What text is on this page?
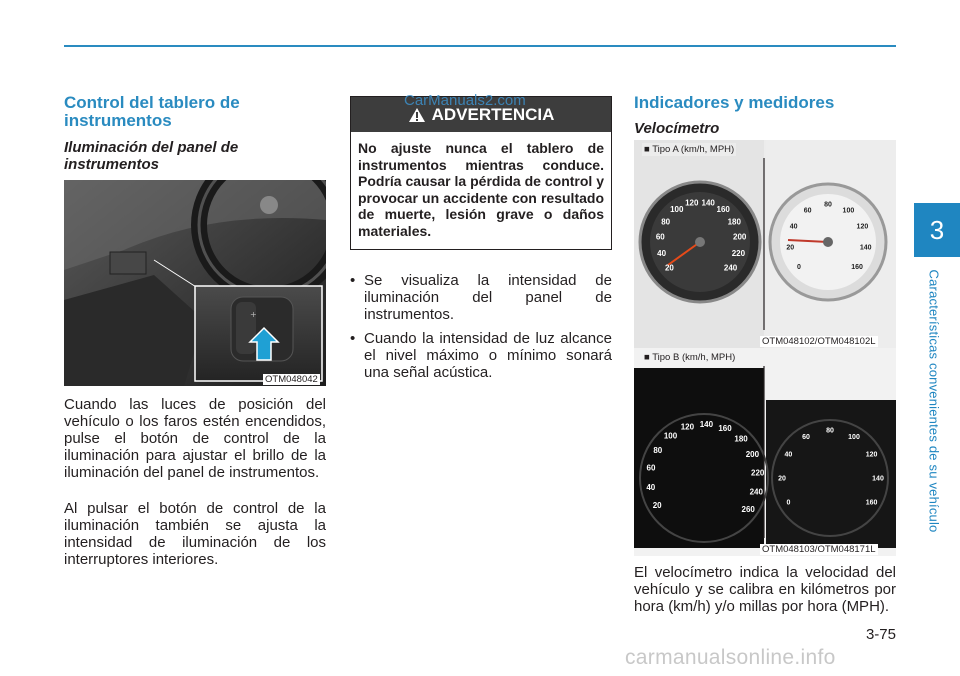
3
Características convenientes de su vehículo
Control del tablero de instrumentos
Iluminación del panel de instrumentos
+
OTM048042

Cuando las luces de posición del vehículo o los faros estén encendidos, pulse el botón de control de la iluminación para ajustar el brillo de la iluminación del panel de instrumentos.

Al pulsar el botón de control de la iluminación también se ajusta la intensidad de iluminación de los interruptores interiores.

ADVERTENCIA
No ajuste nunca el tablero de instrumentos mientras conduce. Podría causar la pérdida de control y provocar un accidente con resultado de muerte, lesión grave o daños materiales.
CarManuals2.com
• Se visualiza la intensidad de iluminación del panel de instrumentos.
• Cuando la intensidad de luz alcance el nivel máximo o mínimo sonará una señal acústica.
Indicadores y medidores
Velocímetro
20
40
60
80
100
120 140
160
180
200
220
240	0
20
40
60
80
100
120
140
160
■ Tipo A (km/h, MPH)
OTM048102/OTM048102L
20
40
60
80
100
120 140 160
180
200
220
240
260
0
20
40
60
80
100
120
140
160
■ Tipo B (km/h, MPH)
OTM048103/OTM048171L

El velocímetro indica la velocidad del vehículo y se calibra en kilómetros por hora (km/h) y/o millas por hora (MPH).

3-75
carmanualsonline.info
